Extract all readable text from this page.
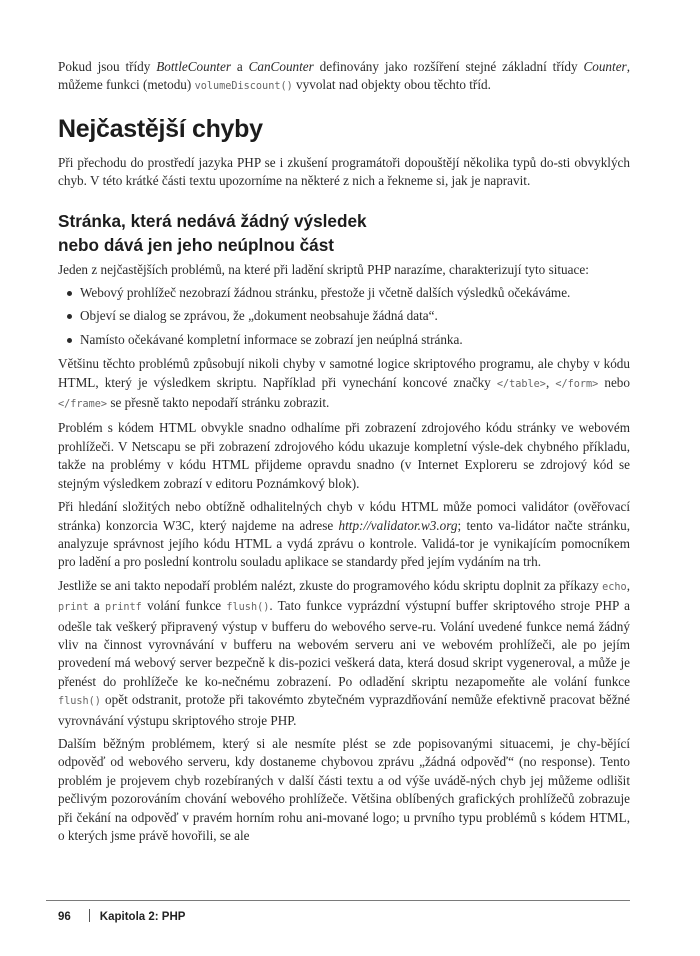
Pokud jsou třídy BottleCounter a CanCounter definovány jako rozšíření stejné základní třídy Counter, můžeme funkci (metodu) volumeDiscount() vyvolat nad objekty obou těchto tříd.

Nejčastější chyby

Při přechodu do prostředí jazyka PHP se i zkušení programátoři dopouštějí několika typů do-sti obvyklých chyb. V této krátké části textu upozorníme na některé z nich a řekneme si, jak je napravit.

Stránka, která nedává žádný výsledek
nebo dává jen jeho neúplnou část

Jeden z nejčastějších problémů, na které při ladění skriptů PHP narazíme, charakterizují tyto situace:

Webový prohlížeč nezobrazí žádnou stránku, přestože ji včetně dalších výsledků očekáváme.
Objeví se dialog se zprávou, že „dokument neobsahuje žádná data“.
Namísto očekávané kompletní informace se zobrazí jen neúplná stránka.

Většinu těchto problémů způsobují nikoli chyby v samotné logice skriptového programu, ale chyby v kódu HTML, který je výsledkem skriptu. Například při vynechání koncové značky </table>, </form> nebo </frame> se přesně takto nepodaří stránku zobrazit.

Problém s kódem HTML obvykle snadno odhalíme při zobrazení zdrojového kódu stránky ve webovém prohlížeči. V Netscapu se při zobrazení zdrojového kódu ukazuje kompletní výsle-dek chybného příkladu, takže na problémy v kódu HTML přijdeme opravdu snadno (v Internet Exploreru se zdrojový kód se stejným výsledkem zobrazí v editoru Poznámkový blok).

Při hledání složitých nebo obtížně odhalitelných chyb v kódu HTML může pomoci validátor (ověřovací stránka) konzorcia W3C, který najdeme na adrese http://validator.w3.org; tento va-lidátor načte stránku, analyzuje správnost jejího kódu HTML a vydá zprávu o kontrole. Validá-tor je vynikajícím pomocníkem pro ladění a pro poslední kontrolu souladu aplikace se standardy před jejím vydáním na trh.

Jestliže se ani takto nepodaří problém nalézt, zkuste do programového kódu skriptu doplnit za příkazy echo, print a printf volání funkce flush(). Tato funkce vyprázdní výstupní buffer skriptového stroje PHP a odešle tak veškerý připravený výstup v bufferu do webového serve-ru. Volání uvedené funkce nemá žádný vliv na činnost vyrovnávání v bufferu na webovém serveru ani ve webovém prohlížeči, ale po jejím provedení má webový server bezpečně k dis-pozici veškerá data, která dosud skript vygeneroval, a může je přenést do prohlížeče ke ko-nečnému zobrazení. Po odladění skriptu nezapomeňte ale volání funkce flush() opět odstranit, protože při takovémto zbytečném vyprazdňování nemůže efektivně pracovat běžné vyrovnávání výstupu skriptového stroje PHP.

Dalším běžným problémem, který si ale nesmíte plést se zde popisovanými situacemi, je chy-bějící odpověď od webového serveru, kdy dostaneme chybovou zprávu „žádná odpověď“ (no response). Tento problém je projevem chyb rozebíraných v další části textu a od výše uvádě-ných chyb jej můžeme odlišit pečlivým pozorováním chování webového prohlížeče. Většina oblíbených grafických prohlížečů zobrazuje při čekání na odpověď v pravém horním rohu ani-mované logo; u prvního typu problémů s kódem HTML, o kterých jsme právě hovořili, se ale

96	Kapitola 2: PHP
